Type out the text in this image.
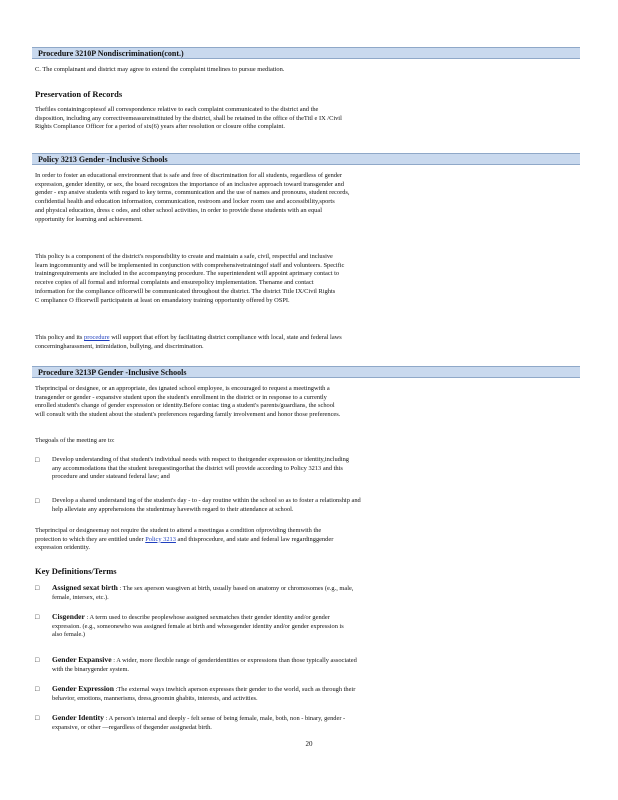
Procedure 3210P Nondiscrimination(cont.)
C. The complainant and district may agree to extend the complaint timelines to pursue mediation.
Preservation of Records
Thefiles containingcopiesof all correspondence relative to each complaint communicated to the district and the
disposition, including any correctivemeasureinstituted by the district, shall be retained in the office of theTitl e IX /Civil
Rights Compliance Officer for a period of six(6) years after resolution or closure ofthe complaint.
Policy 3213 Gender -Inclusive Schools
In order to foster an educational environment that is safe and free of discrimination for all students, regardless of gender
expression, gender identity, or sex, the board recognizes the importance of an inclusive approach toward transgender and
gender - exp ansive students with regard to key terms, communication and the use of names and pronouns, student records,
confidential health and education information, communication, restroom and locker room use and accessibility,sports
and physical education, dress c odes, and other school activities, in order to provide these students with an equal
opportunity for learning and achievement.
This policy is a component of the district's responsibility to create and maintain a safe, civil, respectful and inclusive
learn ingcommunity and will be implemented in conjunction with comprehensivetrainingof staff and volunteers. Specific
trainingrequirements are included in the accompanying procedure. The superintendent will appoint aprimary contact to
receive copies of all formal and informal complaints and ensurepolicy implementation. Thename and contact
information for the compliance officerwill be communicated throughout the district. The district Title IX/Civil Rights
C ompliance O fficerwill participatein at least on emandatory training opportunity offered by OSPI.
This policy and its procedure will support that effort by facilitating district compliance with local, state and federal laws
concerningharassment, intimidation, bullying, and discrimination.
Procedure 3213P Gender -Inclusive Schools
Theprincipal or designee, or an appropriate, des ignated school employee, is encouraged to request a meetingwith a
transgender or gender - expansive student upon the student's enrollment in the district or in response to a currently
enrolled student's change of gender expression or identity.Before contac ting a student's parents/guardians, the school
will consult with the student about the student's preferences regarding family involvement and honor those preferences.
Thegoals of the meeting are to:
□ Develop understanding of that student's individual needs with respect to theirgender expression or identity,including
any accommodations that the student isrequestingorthat the district will provide according to Policy 3213 and this
procedure and under stateand federal law; and
□ Develop a shared understand ing of the student's day - to - day routine within the school so as to foster a relationship and
help alleviate any apprehensions the studentmay havewith regard to their attendance at school.
Theprincipal or designeemay not require the student to attend a meetingas a condition ofproviding themwith the
protection to which they are entitled under Policy 3213 and thisprocedure, and state and federal law regardinggender
expression oridentity.
Key Definitions/Terms
□ Assigned sexat birth : The sex aperson wasgiven at birth, usually based on anatomy or chromosomes (e.g., male,
female, intersex, etc.).
□ Cisgender : A term used to describe peoplewhose assigned sexmatches their gender identity and/or gender
expression. (e.g., someonewho was assigned female at birth and whosegender identity and/or gender expression is
also female.)
□ Gender Expansive : A wider, more flexible range of genderidentities or expressions than those typically associated
with the binarygender system.
□ Gender Expression :The external ways inwhich aperson expresses their gender to the world, such as through their
behavior, emotions, mannerisms, dress,groomin ghabits, interests, and activities.
□ Gender Identity : A person's internal and deeply - felt sense of being female, male, both, non - binary, gender -
expansive, or other —regardless of thegender assignedat birth.
20
